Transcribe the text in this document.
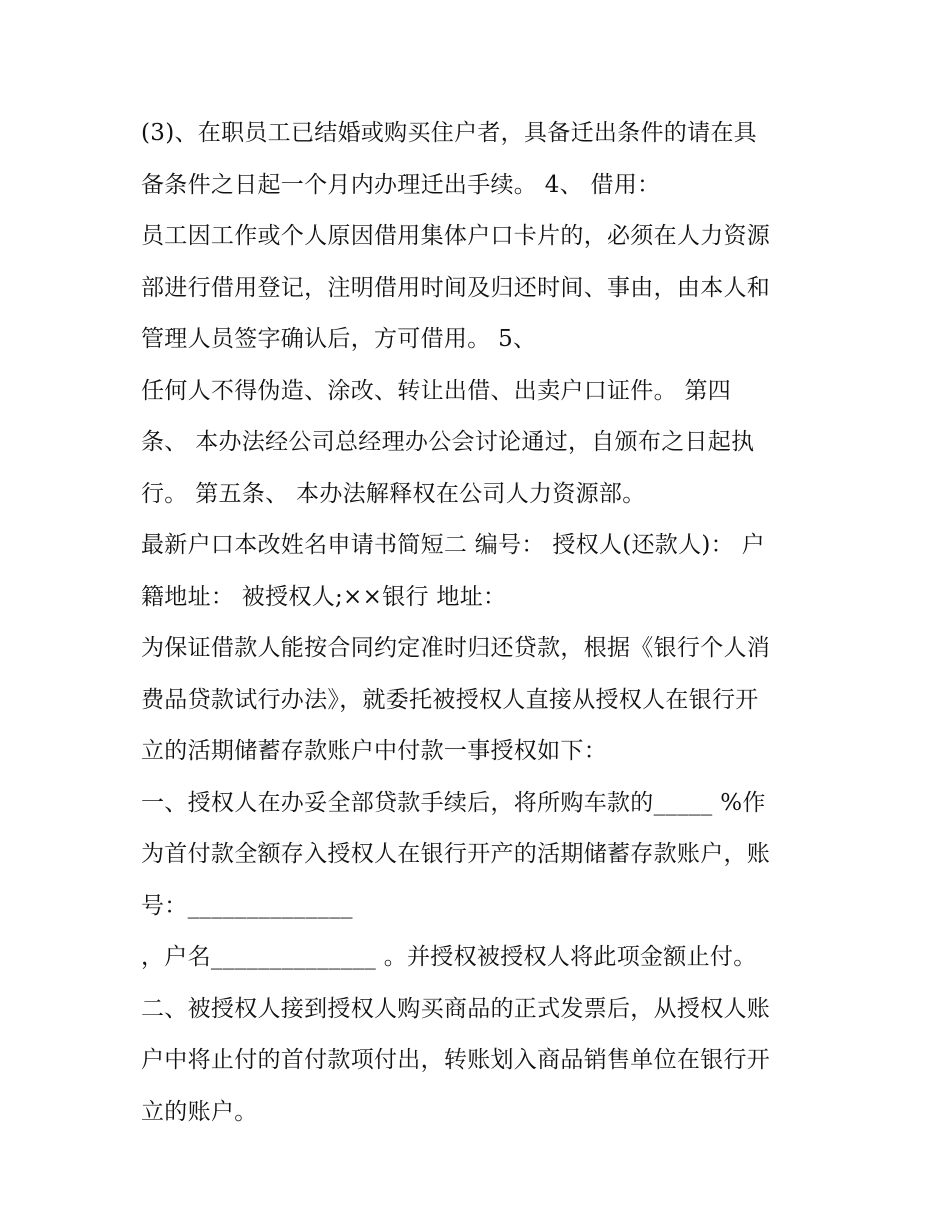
(3)、在职员工已结婚或购买住户者，具备迁出条件的请在具
备条件之日起一个月内办理迁出手续。 4、 借用：
员工因工作或个人原因借用集体户口卡片的，必须在人力资源
部进行借用登记，注明借用时间及归还时间、事由，由本人和
管理人员签字确认后，方可借用。 5、
任何人不得伪造、涂改、转让出借、出卖户口证件。 第四
条、 本办法经公司总经理办公会讨论通过，自颁布之日起执
行。 第五条、 本办法解释权在公司人力资源部。
最新户口本改姓名申请书简短二 编号： 授权人(还款人)： 户
籍地址： 被授权人;××银行 地址：
为保证借款人能按合同约定准时归还贷款，根据《银行个人消
费品贷款试行办法》，就委托被授权人直接从授权人在银行开
立的活期储蓄存款账户中付款一事授权如下：
一、授权人在办妥全部贷款手续后，将所购车款的_____ %作
为首付款全额存入授权人在银行开产的活期储蓄存款账户，账
号：______________
，户名______________ 。并授权被授权人将此项金额止付。
二、被授权人接到授权人购买商品的正式发票后，从授权人账
户中将止付的首付款项付出，转账划入商品销售单位在银行开
立的账户。
